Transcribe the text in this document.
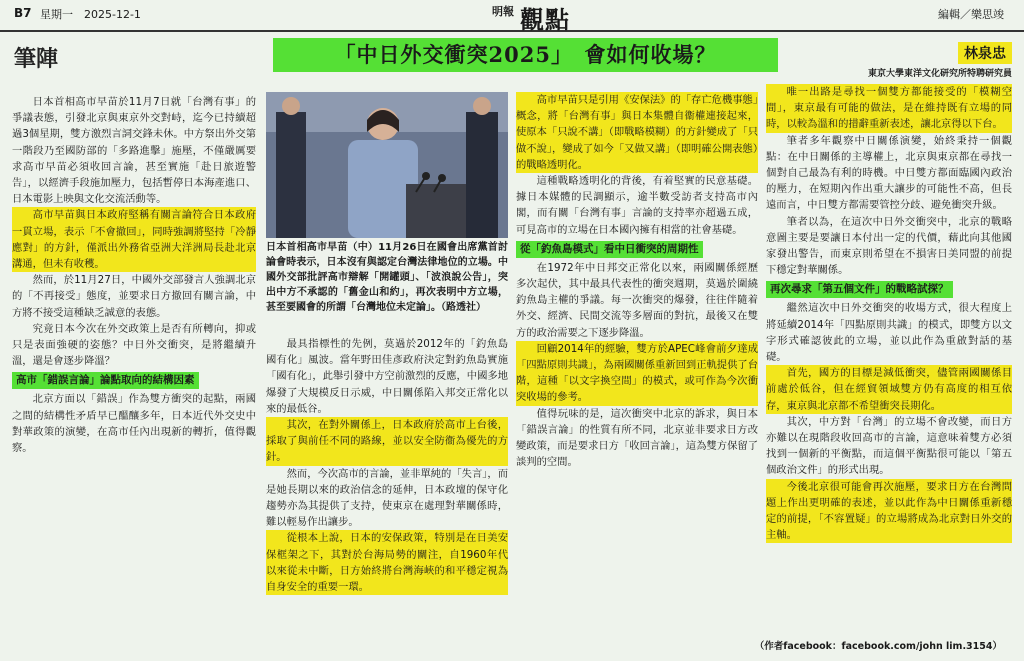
B7 星期一　2025-12-1	明報 觀點	編輯／樂思竣
筆陣	「中日外交衝突2025」　會如何收場？	林泉忠
東京大學東洋文化研究所特聘研究員

日本首相高市早苗於11月7日就「台灣有事」的爭議表態，引發北京與東京外交對峙，迄今已持續超過3個星期，雙方激烈言詞交鋒未休。中方祭出外交第一階段乃至國防部的「多路進擊」施壓，不僅嚴厲要求高市早苗必須收回言論，甚至實施「赴日旅遊警告」，以經濟手段施加壓力，包括暫停日本海產進口、日本電影上映與文化交流活動等。

高市早苗與日本政府堅稱有關言論符合日本政府一貫立場，表示「不會撤回」，同時強調將堅持「冷靜應對」的方針，僅派出外務省亞洲大洋洲局長赴北京溝通，但未有收穫。

然而，於11月27日，中國外交部發言人強調北京的「不再接受」態度，並要求日方撤回有關言論，中方將不接受這種缺乏誠意的表態。

究竟日本今次在外交政策上是否有所轉向，抑或只是表面強硬的姿態？中日外交衝突，是將繼續升溫，還是會逐步降溫？

高市「錯誤言論」論點取向的結構因素

北京方面以「錯誤」作為雙方衝突的起點，兩國之間的結構性矛盾早已醞釀多年，日本近代外交史中對華政策的演變，在高市任內出現新的轉折，值得觀察。

日本首相高市早苗（中）11月26日在國會出席黨首討論會時表示，日本沒有與認定台灣法律地位的立場。中國外交部批評高市辯解「開罐頭」、「波浪說公告」，突出中方不承認的「舊金山和約」，再次表明中方立場，甚至要國會的所謂「台灣地位未定論」。（路透社）

最具指標性的先例，莫過於2012年的「釣魚島國有化」風波。當年野田佳彥政府決定對釣魚島實施「國有化」，此舉引發中方空前激烈的反應，中國多地爆發了大規模反日示威，中日關係陷入邦交正常化以來的最低谷。

其次，在對外關係上，日本政府於高市上台後，採取了與前任不同的路線，並以安全防衞為優先的方針。

然而，今次高市的言論，並非單純的「失言」，而是她長期以來的政治信念的延伸，日本政壇的保守化趨勢亦為其提供了支持，使東京在處理對華關係時，難以輕易作出讓步。

從根本上說，日本的安保政策，特別是在日美安保框架之下，其對於台海局勢的關注，自1960年代以來從未中斷，日方始終將台灣海峽的和平穩定視為自身安全的重要一環。

高市早苗只是引用《安保法》的「存亡危機事態」概念，將「台灣有事」與日本集體自衞權連接起來，使原本「只說不講」（即戰略模糊）的方針變成了「只做不說」，變成了如今「又做又講」（即明確公開表態）的戰略透明化。

這種戰略透明化的背後，有着堅實的民意基礎。據日本媒體的民調顯示，逾半數受訪者支持高市內閣，而有關「台灣有事」言論的支持率亦超過五成，可見高市的立場在日本國內擁有相當的社會基礎。

從「釣魚島模式」看中日衝突的周期性

在1972年中日邦交正常化以來，兩國關係經歷多次起伏，其中最具代表性的衝突週期，莫過於圍繞釣魚島主權的爭議。每一次衝突的爆發，往往伴隨着外交、經濟、民間交流等多層面的對抗，最後又在雙方的政治需要之下逐步降溫。

回顧2014年的經驗，雙方於APEC峰會前夕達成「四點原則共識」，為兩國關係重新回到正軌提供了台階，這種「以文字換空間」的模式，或可作為今次衝突收場的參考。

值得玩味的是，這次衝突中北京的訴求，與日本「錯誤言論」的性質有所不同，北京並非要求日方改變政策，而是要求日方「收回言論」，這為雙方保留了談判的空間。

唯一出路是尋找一個雙方都能接受的「模糊空間」，東京最有可能的做法，是在維持既有立場的同時，以較為溫和的措辭重新表述，讓北京得以下台。

筆者多年觀察中日關係演變，始終秉持一個觀點：在中日關係的主導權上，北京與東京都在尋找一個對自己最為有利的時機。中日雙方都面臨國內政治的壓力，在短期內作出重大讓步的可能性不高，但長遠而言，中日雙方都需要管控分歧、避免衝突升級。

筆者以為，在這次中日外交衝突中，北京的戰略意圖主要是要讓日本付出一定的代價，藉此向其他國家發出警告，而東京則希望在不損害日美同盟的前提下穩定對華關係。

再次尋求「第五個文件」的戰略試探？

繼然這次中日外交衝突的收場方式，很大程度上將延續2014年「四點原則共識」的模式，即雙方以文字形式確認彼此的立場，並以此作為重啟對話的基礎。

首先，國方的目標是減低衝突，儘管兩國關係目前處於低谷，但在經貿領域雙方仍有高度的相互依存，東京與北京都不希望衝突長期化。

其次，中方對「台灣」的立場不會改變，而日方亦難以在現階段收回高市的言論，這意味着雙方必須找到一個新的平衡點，而這個平衡點很可能以「第五個政治文件」的形式出現。

今後北京很可能會再次施壓，要求日方在台灣問題上作出更明確的表述，並以此作為中日關係重新穩定的前提，「不容置疑」的立場將成為北京對日外交的主軸。

（作者facebook：facebook.com/john lim.3154）
